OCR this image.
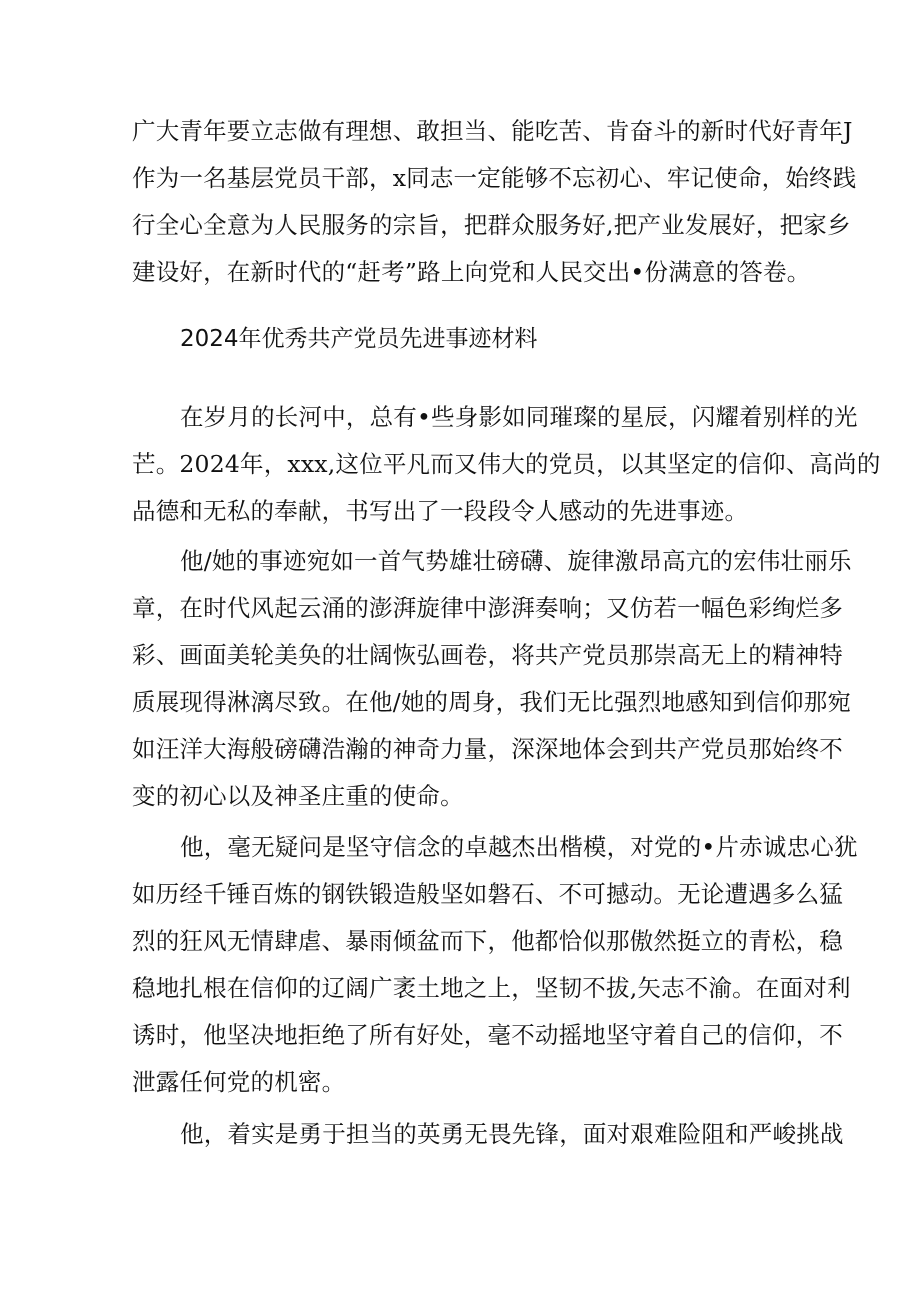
广大青年要立志做有理想、敢担当、能吃苦、肯奋斗的新时代好青年J
作为一名基层党员干部，x同志一定能够不忘初心、牢记使命，始终践
行全心全意为人民服务的宗旨，把群众服务好,把产业发展好，把家乡
建设好，在新时代的“赶考”路上向党和人民交出•份满意的答卷。
2024年优秀共产党员先进事迹材料
在岁月的长河中，总有•些身影如同璀璨的星辰，闪耀着别样的光
芒。2024年，xxx,这位平凡而又伟大的党员，以其坚定的信仰、高尚的
品德和无私的奉献，书写出了一段段令人感动的先进事迹。
他/她的事迹宛如一首气势雄壮磅礴、旋律激昂高亢的宏伟壮丽乐
章，在时代风起云涌的澎湃旋律中澎湃奏响；又仿若一幅色彩绚烂多
彩、画面美轮美奂的壮阔恢弘画卷，将共产党员那崇高无上的精神特
质展现得淋漓尽致。在他/她的周身，我们无比强烈地感知到信仰那宛
如汪洋大海般磅礴浩瀚的神奇力量，深深地体会到共产党员那始终不
变的初心以及神圣庄重的使命。
他，毫无疑问是坚守信念的卓越杰出楷模，对党的•片赤诚忠心犹
如历经千锤百炼的钢铁锻造般坚如磐石、不可撼动。无论遭遇多么猛
烈的狂风无情肆虐、暴雨倾盆而下，他都恰似那傲然挺立的青松，稳
稳地扎根在信仰的辽阔广袤土地之上，坚韧不拔,矢志不渝。在面对利
诱时，他坚决地拒绝了所有好处，毫不动摇地坚守着自己的信仰，不
泄露任何党的机密。
他，着实是勇于担当的英勇无畏先锋，面对艰难险阻和严峻挑战
